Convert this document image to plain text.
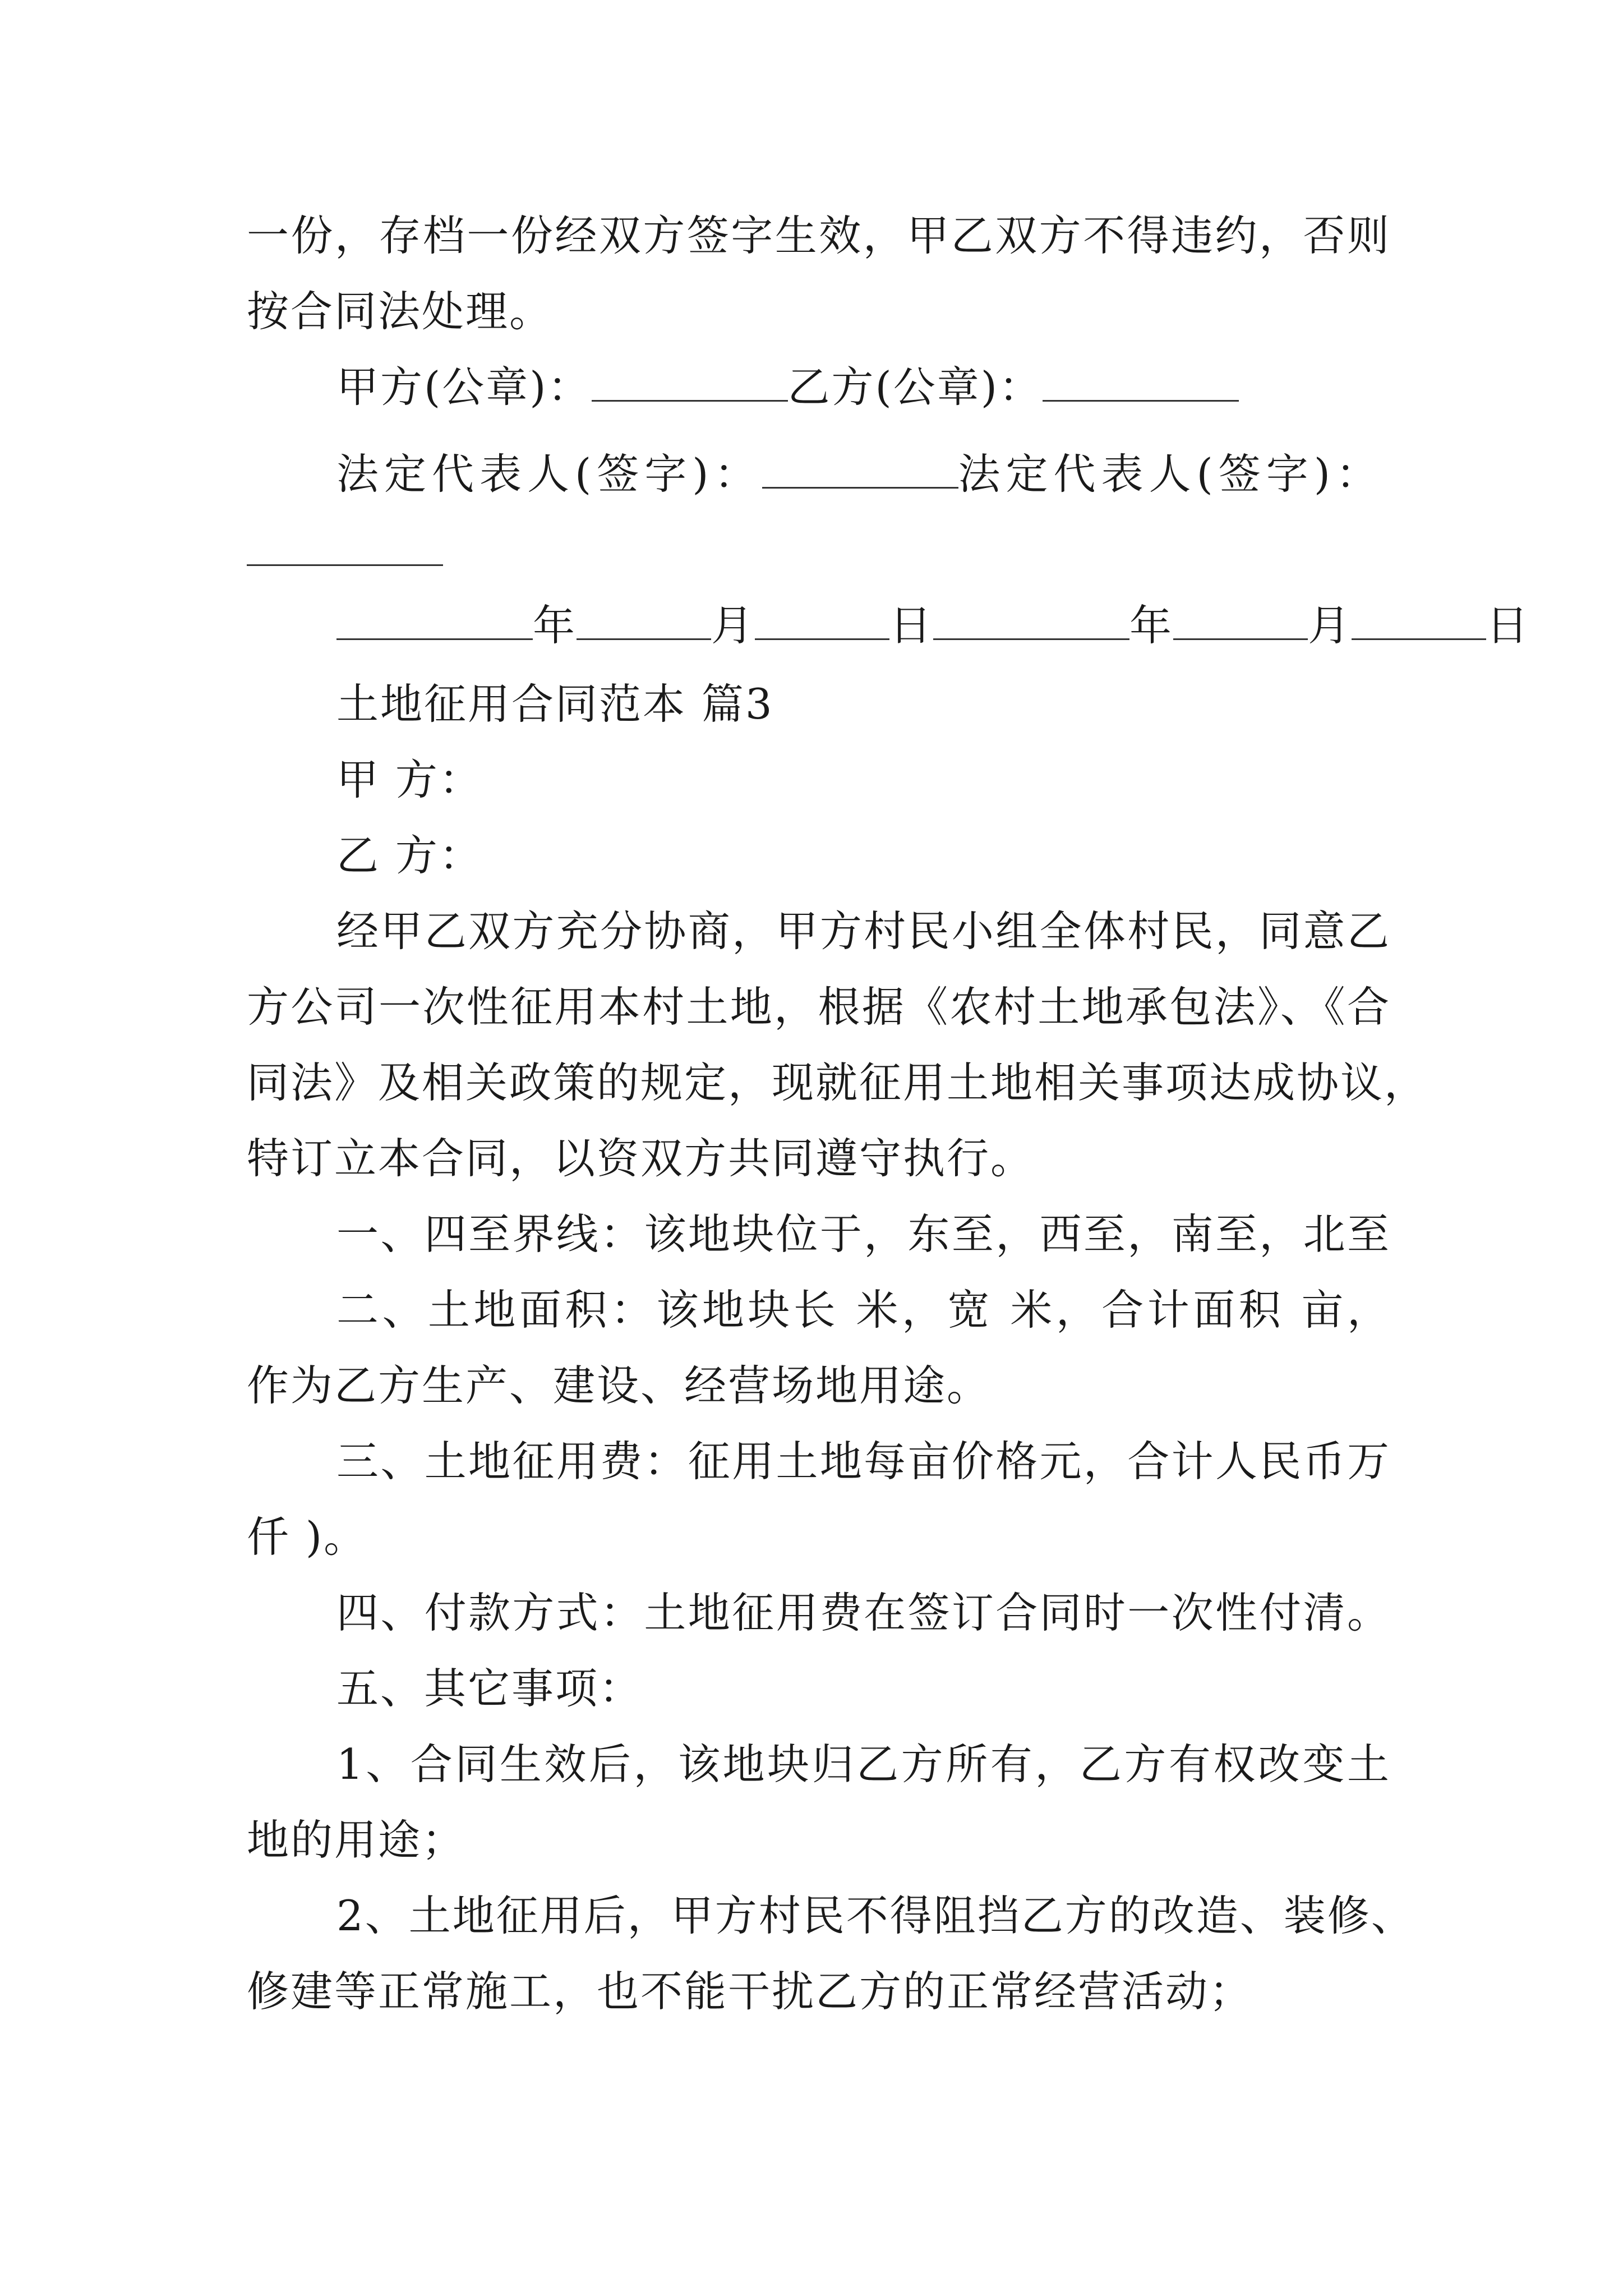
一份，存档一份经双方签字生效，甲乙双方不得违约，否则
按合同法处理。
甲方(公章)：	乙方(公章)：
法定代表人(签字)：	法定代表人(签字)：
年	月	日	年	月	日
土地征用合同范本 篇3
甲 方：
乙 方：
经甲乙双方充分协商，甲方村民小组全体村民，同意乙
方公司一次性征用本村土地，根据《农村土地承包法》、《合
同法》及相关政策的规定，现就征用土地相关事项达成协议，
特订立本合同，以资双方共同遵守执行。
一、四至界线：该地块位于，东至，西至，南至，北至
二、土地面积：该地块长 米，宽 米，合计面积 亩，
作为乙方生产、建设、经营场地用途。
三、土地征用费：征用土地每亩价格元，合计人民币万
仟 )。
四、付款方式：土地征用费在签订合同时一次性付清。
五、其它事项：
1、合同生效后，该地块归乙方所有，乙方有权改变土
地的用途；
2、土地征用后，甲方村民不得阻挡乙方的改造、装修、
修建等正常施工，也不能干扰乙方的正常经营活动；
